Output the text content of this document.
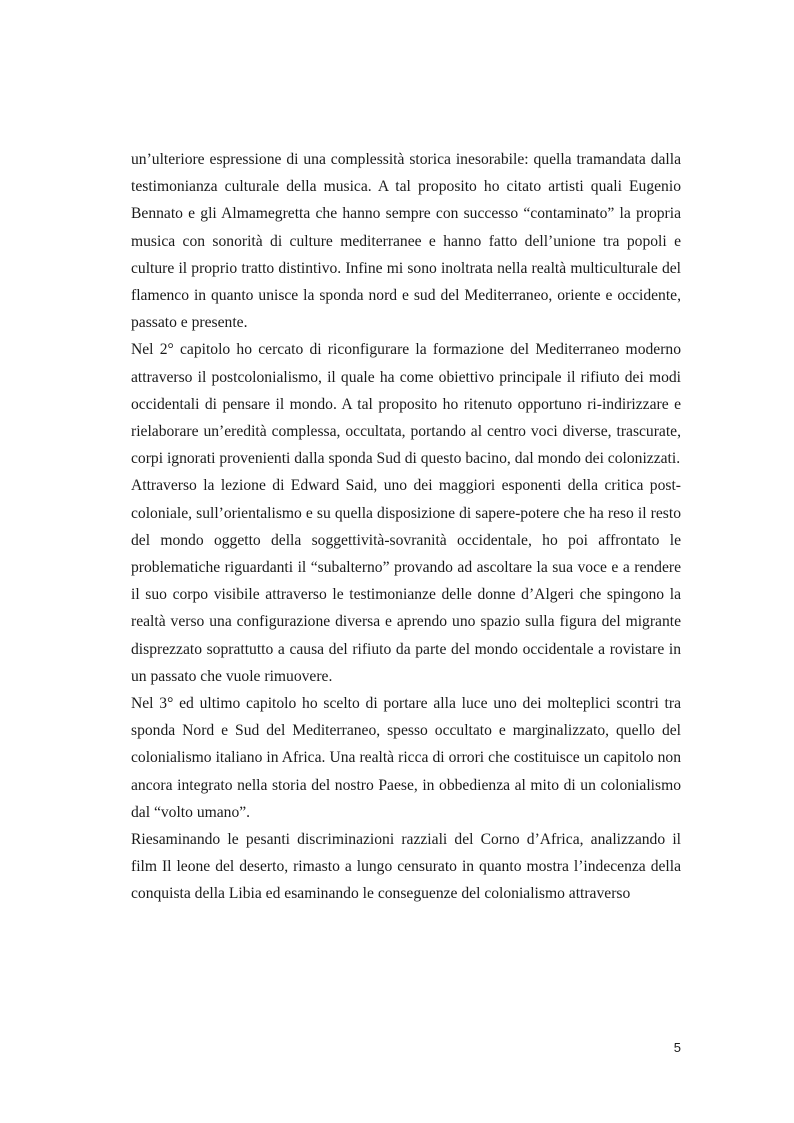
un’ulteriore espressione di una complessità storica inesorabile: quella tramandata dalla testimonianza culturale della musica. A tal proposito ho citato artisti quali Eugenio Bennato e gli Almamegretta che hanno sempre con successo “contaminato” la propria musica con sonorità di culture mediterranee e hanno fatto dell’unione tra popoli e culture il proprio tratto distintivo. Infine mi sono inoltrata nella realtà multiculturale del flamenco in quanto unisce la sponda nord e sud del Mediterraneo, oriente e occidente, passato e presente.

Nel 2° capitolo ho cercato di riconfigurare la formazione del Mediterraneo moderno attraverso il postcolonialismo, il quale ha come obiettivo principale il rifiuto dei modi occidentali di pensare il mondo. A tal proposito ho ritenuto opportuno ri-indirizzare e rielaborare un’eredità complessa, occultata, portando al centro voci diverse, trascurate, corpi ignorati provenienti dalla sponda Sud di questo bacino, dal mondo dei colonizzati.

Attraverso la lezione di Edward Said, uno dei maggiori esponenti della critica post-coloniale, sull’orientalismo e su quella disposizione di sapere-potere che ha reso il resto del mondo oggetto della soggettività-sovranità occidentale, ho poi affrontato le problematiche riguardanti il “subalterno” provando ad ascoltare la sua voce e a rendere il suo corpo visibile attraverso le testimonianze delle donne d’Algeri che spingono la realtà verso una configurazione diversa e aprendo uno spazio sulla figura del migrante disprezzato soprattutto a causa del rifiuto da parte del mondo occidentale a rovistare in un passato che vuole rimuovere.

Nel 3° ed ultimo capitolo ho scelto di portare alla luce uno dei molteplici scontri tra sponda Nord e Sud del Mediterraneo, spesso occultato e marginalizzato, quello del colonialismo italiano in Africa. Una realtà ricca di orrori che costituisce un capitolo non ancora integrato nella storia del nostro Paese, in obbedienza al mito di un colonialismo dal “volto umano”.

Riesaminando le pesanti discriminazioni razziali del Corno d’Africa, analizzando il film Il leone del deserto, rimasto a lungo censurato in quanto mostra l’indecenza della conquista della Libia ed esaminando le conseguenze del colonialismo attraverso

5
